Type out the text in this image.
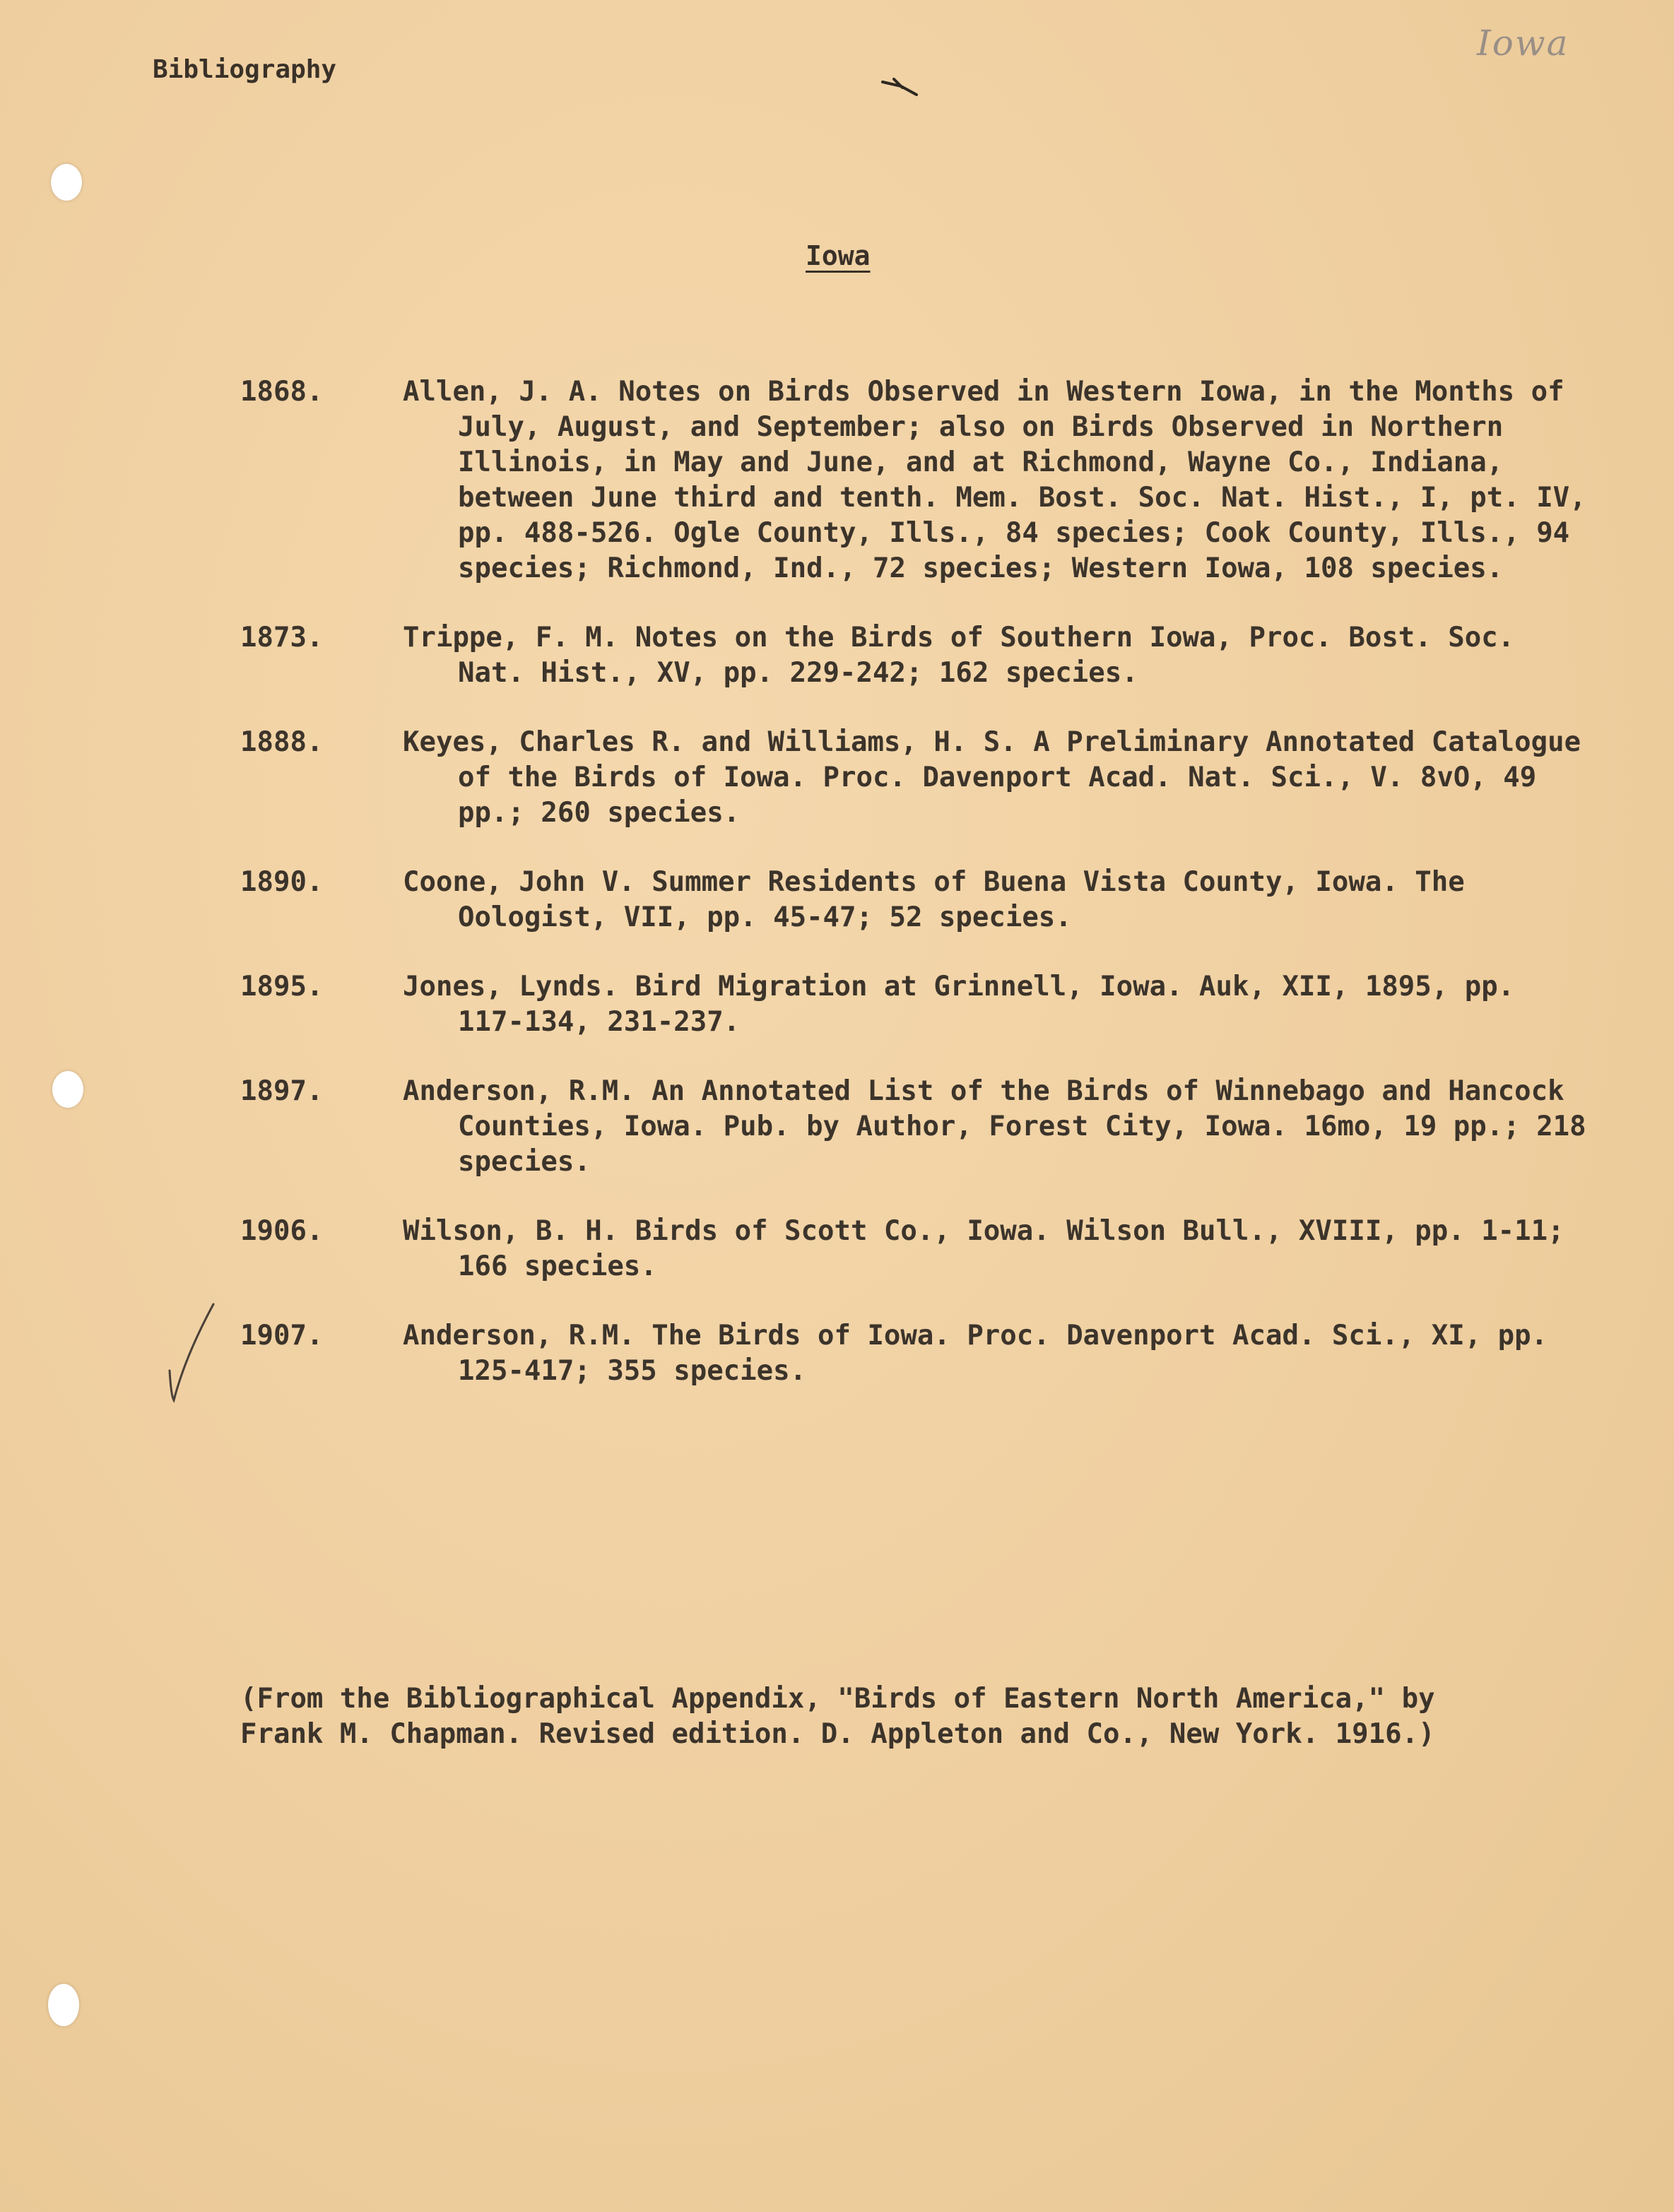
Bibliography
Iowa
Iowa
1868.	Allen, J. A. Notes on Birds Observed in Western Iowa, in the Months of July, August, and September; also on Birds Observed in Northern Illinois, in May and June, and at Richmond, Wayne Co., Indiana, between June third and tenth. Mem. Bost. Soc. Nat. Hist., I, pt. IV, pp. 488-526. Ogle County, Ills., 84 species; Cook County, Ills., 94 species; Richmond, Ind., 72 species; Western Iowa, 108 species.
1873.	Trippe, F. M. Notes on the Birds of Southern Iowa, Proc. Bost. Soc. Nat. Hist., XV, pp. 229-242; 162 species.
1888.	Keyes, Charles R. and Williams, H. S. A Preliminary Annotated Catalogue of the Birds of Iowa. Proc. Davenport Acad. Nat. Sci., V. 8vO, 49 pp.; 260 species.
1890.	Coone, John V. Summer Residents of Buena Vista County, Iowa. The Oologist, VII, pp. 45-47; 52 species.
1895.	Jones, Lynds. Bird Migration at Grinnell, Iowa. Auk, XII, 1895, pp. 117-134, 231-237.
1897.	Anderson, R.M. An Annotated List of the Birds of Winnebago and Hancock Counties, Iowa. Pub. by Author, Forest City, Iowa. 16mo, 19 pp.; 218 species.
1906.	Wilson, B. H. Birds of Scott Co., Iowa. Wilson Bull., XVIII, pp. 1-11; 166 species.
1907.	Anderson, R.M. The Birds of Iowa. Proc. Davenport Acad. Sci., XI, pp. 125-417; 355 species.
(From the Bibliographical Appendix, "Birds of Eastern North America," by Frank M. Chapman. Revised edition. D. Appleton and Co., New York. 1916.)
